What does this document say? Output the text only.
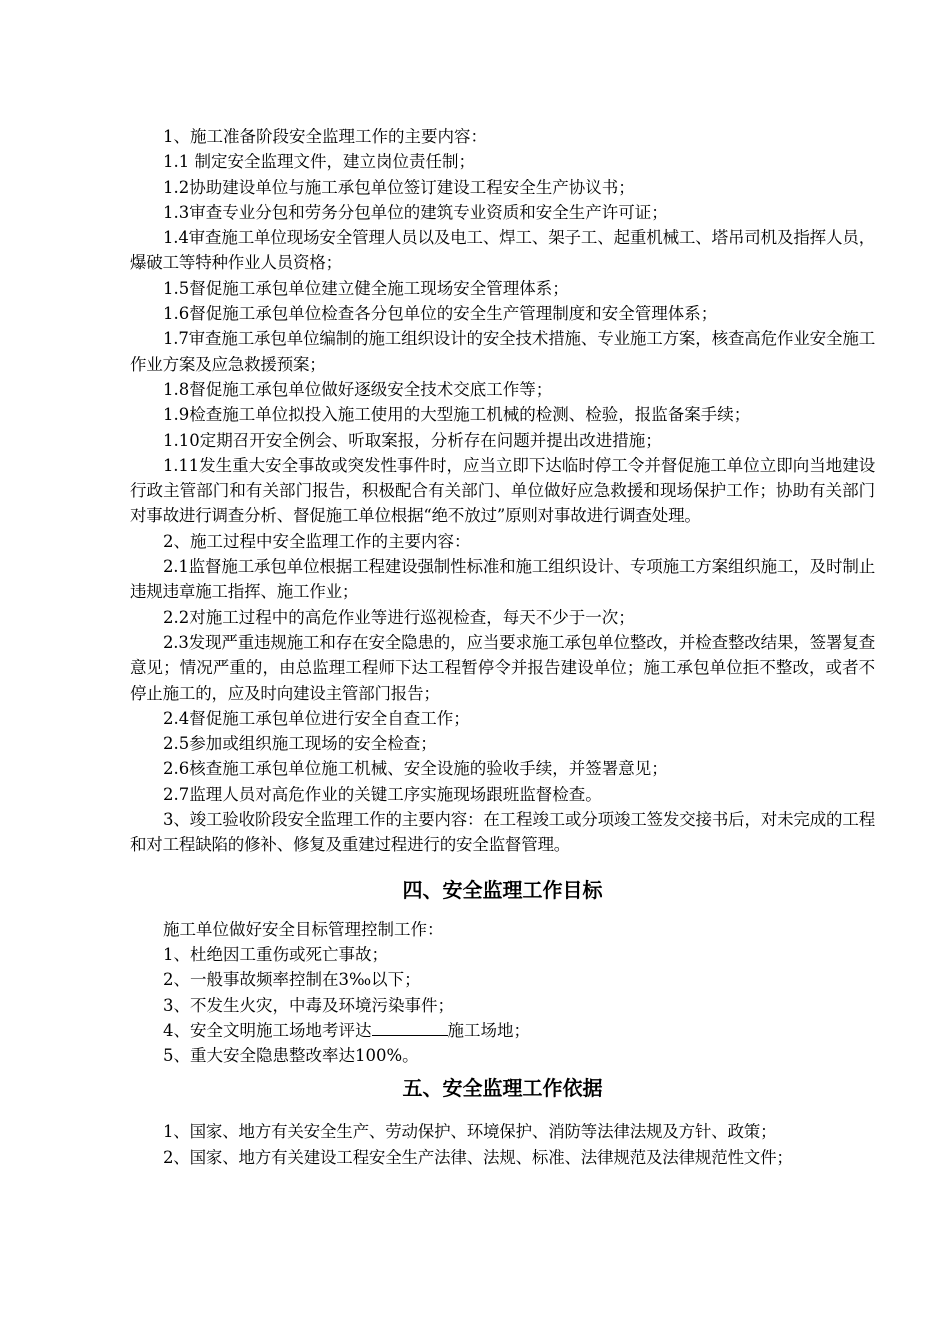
1、施工准备阶段安全监理工作的主要内容：

1.1 制定安全监理文件，建立岗位责任制；

1.2协助建设单位与施工承包单位签订建设工程安全生产协议书；

1.3审查专业分包和劳务分包单位的建筑专业资质和安全生产许可证；

1.4审查施工单位现场安全管理人员以及电工、焊工、架子工、起重机械工、塔吊司机及指挥人员，爆破工等特种作业人员资格；

1.5督促施工承包单位建立健全施工现场安全管理体系；

1.6督促施工承包单位检查各分包单位的安全生产管理制度和安全管理体系；

1.7审查施工承包单位编制的施工组织设计的安全技术措施、专业施工方案，核查高危作业安全施工作业方案及应急救援预案；

1.8督促施工承包单位做好逐级安全技术交底工作等；

1.9检查施工单位拟投入施工使用的大型施工机械的检测、检验，报监备案手续；

1.10定期召开安全例会、听取案报，分析存在问题并提出改进措施；

1.11发生重大安全事故或突发性事件时，应当立即下达临时停工令并督促施工单位立即向当地建设行政主管部门和有关部门报告，积极配合有关部门、单位做好应急救援和现场保护工作；协助有关部门对事故进行调查分析、督促施工单位根据“绝不放过”原则对事故进行调查处理。

2、施工过程中安全监理工作的主要内容：

2.1监督施工承包单位根据工程建设强制性标准和施工组织设计、专项施工方案组织施工，及时制止违规违章施工指挥、施工作业；

2.2对施工过程中的高危作业等进行巡视检查，每天不少于一次；

2.3发现严重违规施工和存在安全隐患的，应当要求施工承包单位整改，并检查整改结果，签署复查意见；情况严重的，由总监理工程师下达工程暂停令并报告建设单位；施工承包单位拒不整改，或者不停止施工的，应及时向建设主管部门报告；

2.4督促施工承包单位进行安全自查工作；

2.5参加或组织施工现场的安全检查；

2.6核查施工承包单位施工机械、安全设施的验收手续，并签署意见；

2.7监理人员对高危作业的关键工序实施现场跟班监督检查。

3、竣工验收阶段安全监理工作的主要内容：在工程竣工或分项竣工签发交接书后，对未完成的工程和对工程缺陷的修补、修复及重建过程进行的安全监督管理。

四、安全监理工作目标

施工单位做好安全目标管理控制工作：

1、杜绝因工重伤或死亡事故；

2、一般事故频率控制在3‰以下；

3、不发生火灾，中毒及环境污染事件；

4、安全文明施工场地考评达	施工场地；

5、重大安全隐患整改率达100%。

五、安全监理工作依据

1、国家、地方有关安全生产、劳动保护、环境保护、消防等法律法规及方针、政策；

2、国家、地方有关建设工程安全生产法律、法规、标准、法律规范及法律规范性文件；
